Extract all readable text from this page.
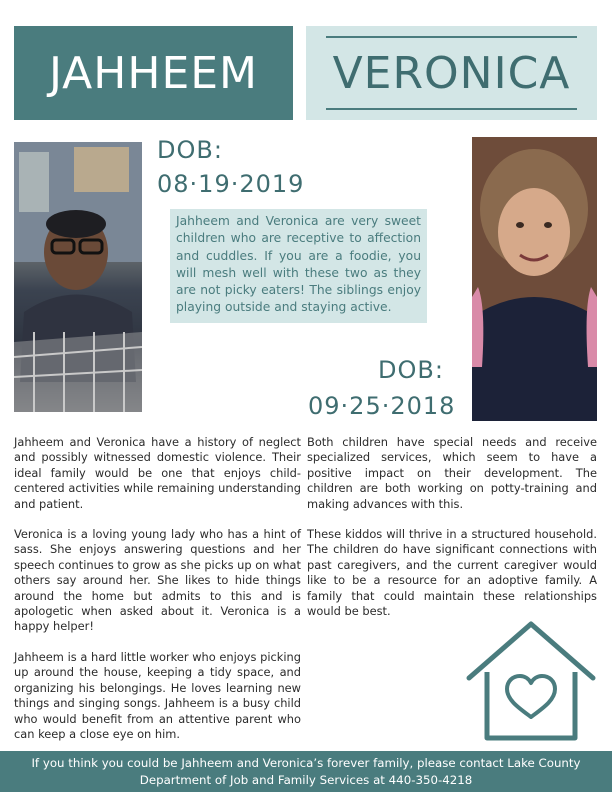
JAHHEEM VERONICA
DOB:
08·19·2019
DOB:
09·25·2018
Jahheem and Veronica are very sweet children who are receptive to affection and cuddles. If you are a foodie, you will mesh well with these two as they are not picky eaters! The siblings enjoy playing outside and staying active.

Jahheem and Veronica have a history of neglect and possibly witnessed domestic violence. Their ideal family would be one that enjoys child-centered activities while remaining understanding and patient.

Veronica is a loving young lady who has a hint of sass. She enjoys answering questions and her speech continues to grow as she picks up on what others say around her. She likes to hide things around the home but admits to this and is apologetic when asked about it. Veronica is a happy helper!

Jahheem is a hard little worker who enjoys picking up around the house, keeping a tidy space, and organizing his belongings. He loves learning new things and singing songs. Jahheem is a busy child who would benefit from an attentive parent who can keep a close eye on him.

Both children have special needs and receive specialized services, which seem to have a positive impact on their development. The children are both working on potty-training and making advances with this.

These kiddos will thrive in a structured household. The children do have significant connections with past caregivers, and the current caregiver would like to be a resource for an adoptive family. A family that could maintain these relationships would be best.

If you think you could be Jahheem and Veronica’s forever family, please contact Lake County
Department of Job and Family Services at 440-350-4218
